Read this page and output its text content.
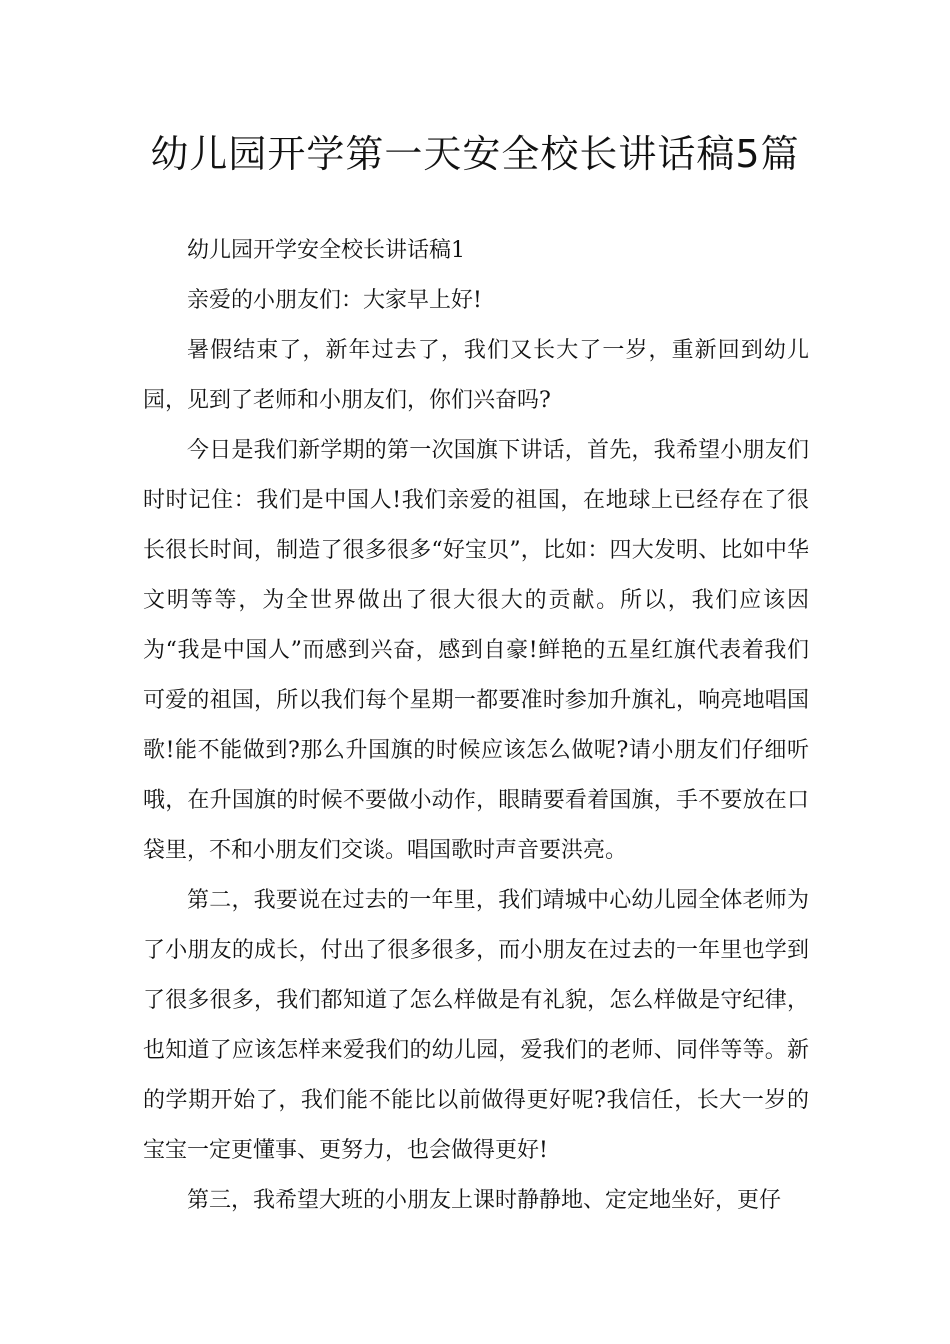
幼儿园开学第一天安全校长讲话稿5篇

幼儿园开学安全校长讲话稿1

亲爱的小朋友们：大家早上好!

暑假结束了，新年过去了，我们又长大了一岁，重新回到幼儿园，见到了老师和小朋友们，你们兴奋吗?

今日是我们新学期的第一次国旗下讲话，首先，我希望小朋友们时时记住：我们是中国人!我们亲爱的祖国，在地球上已经存在了很长很长时间，制造了很多很多“好宝贝”，比如：四大发明、比如中华文明等等，为全世界做出了很大很大的贡献。所以，我们应该因为“我是中国人”而感到兴奋，感到自豪!鲜艳的五星红旗代表着我们可爱的祖国，所以我们每个星期一都要准时参加升旗礼，响亮地唱国歌!能不能做到?那么升国旗的时候应该怎么做呢?请小朋友们仔细听哦，在升国旗的时候不要做小动作，眼睛要看着国旗，手不要放在口袋里，不和小朋友们交谈。唱国歌时声音要洪亮。

第二，我要说在过去的一年里，我们靖城中心幼儿园全体老师为了小朋友的成长，付出了很多很多，而小朋友在过去的一年里也学到了很多很多，我们都知道了怎么样做是有礼貌，怎么样做是守纪律，也知道了应该怎样来爱我们的幼儿园，爱我们的老师、同伴等等。新的学期开始了，我们能不能比以前做得更好呢?我信任，长大一岁的宝宝一定更懂事、更努力，也会做得更好!

第三，我希望大班的小朋友上课时静静地、定定地坐好，更仔
